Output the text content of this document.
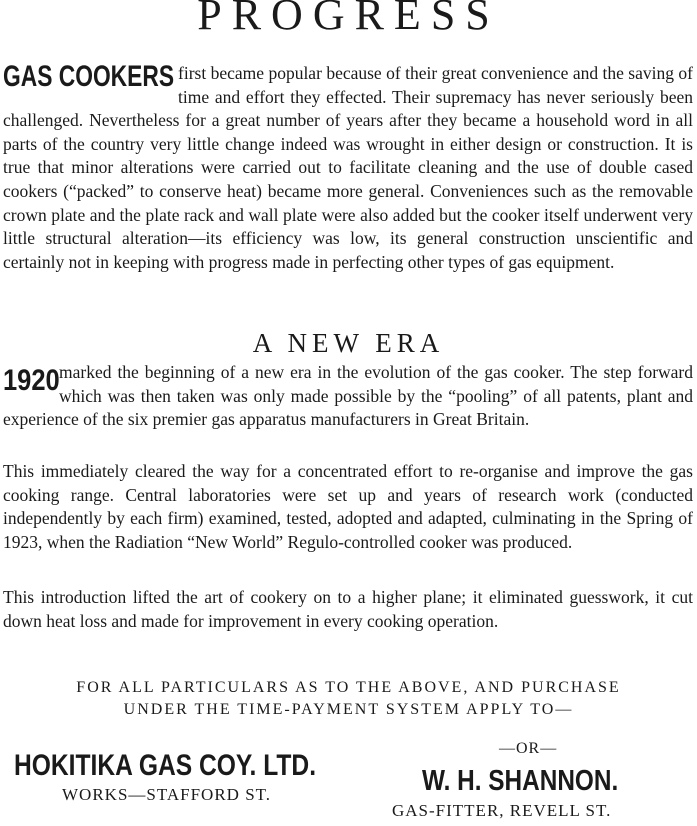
PROGRESS
GAS COOKERS first became popular because of their great convenience and the saving of time and effort they effected. Their supremacy has never seriously been challenged. Nevertheless for a great number of years after they became a household word in all parts of the country very little change indeed was wrought in either design or construction. It is true that minor alterations were carried out to facilitate cleaning and the use of double cased cookers (“packed” to conserve heat) became more general. Conveniences such as the removable crown plate and the plate rack and wall plate were also added but the cooker itself underwent very little structural alteration—its efficiency was low, its general construction unscientific and certainly not in keeping with progress made in perfecting other types of gas equipment.
A NEW ERA
1920 marked the beginning of a new era in the evolution of the gas cooker. The step forward which was then taken was only made possible by the “pooling” of all patents, plant and experience of the six premier gas apparatus manufacturers in Great Britain.
This immediately cleared the way for a concentrated effort to re-organise and improve the gas cooking range. Central laboratories were set up and years of research work (conducted independently by each firm) examined, tested, adopted and adapted, culminating in the Spring of 1923, when the Radiation “New World” Regulo-controlled cooker was produced.
This introduction lifted the art of cookery on to a higher plane; it eliminated guesswork, it cut down heat loss and made for improvement in every cooking operation.
FOR ALL PARTICULARS AS TO THE ABOVE, AND PURCHASE
UNDER THE TIME-PAYMENT SYSTEM APPLY TO—
HOKITIKA GAS COY. LTD.
WORKS—STAFFORD ST.
—OR—
W. H. SHANNON.
GAS-FITTER, REVELL ST.
